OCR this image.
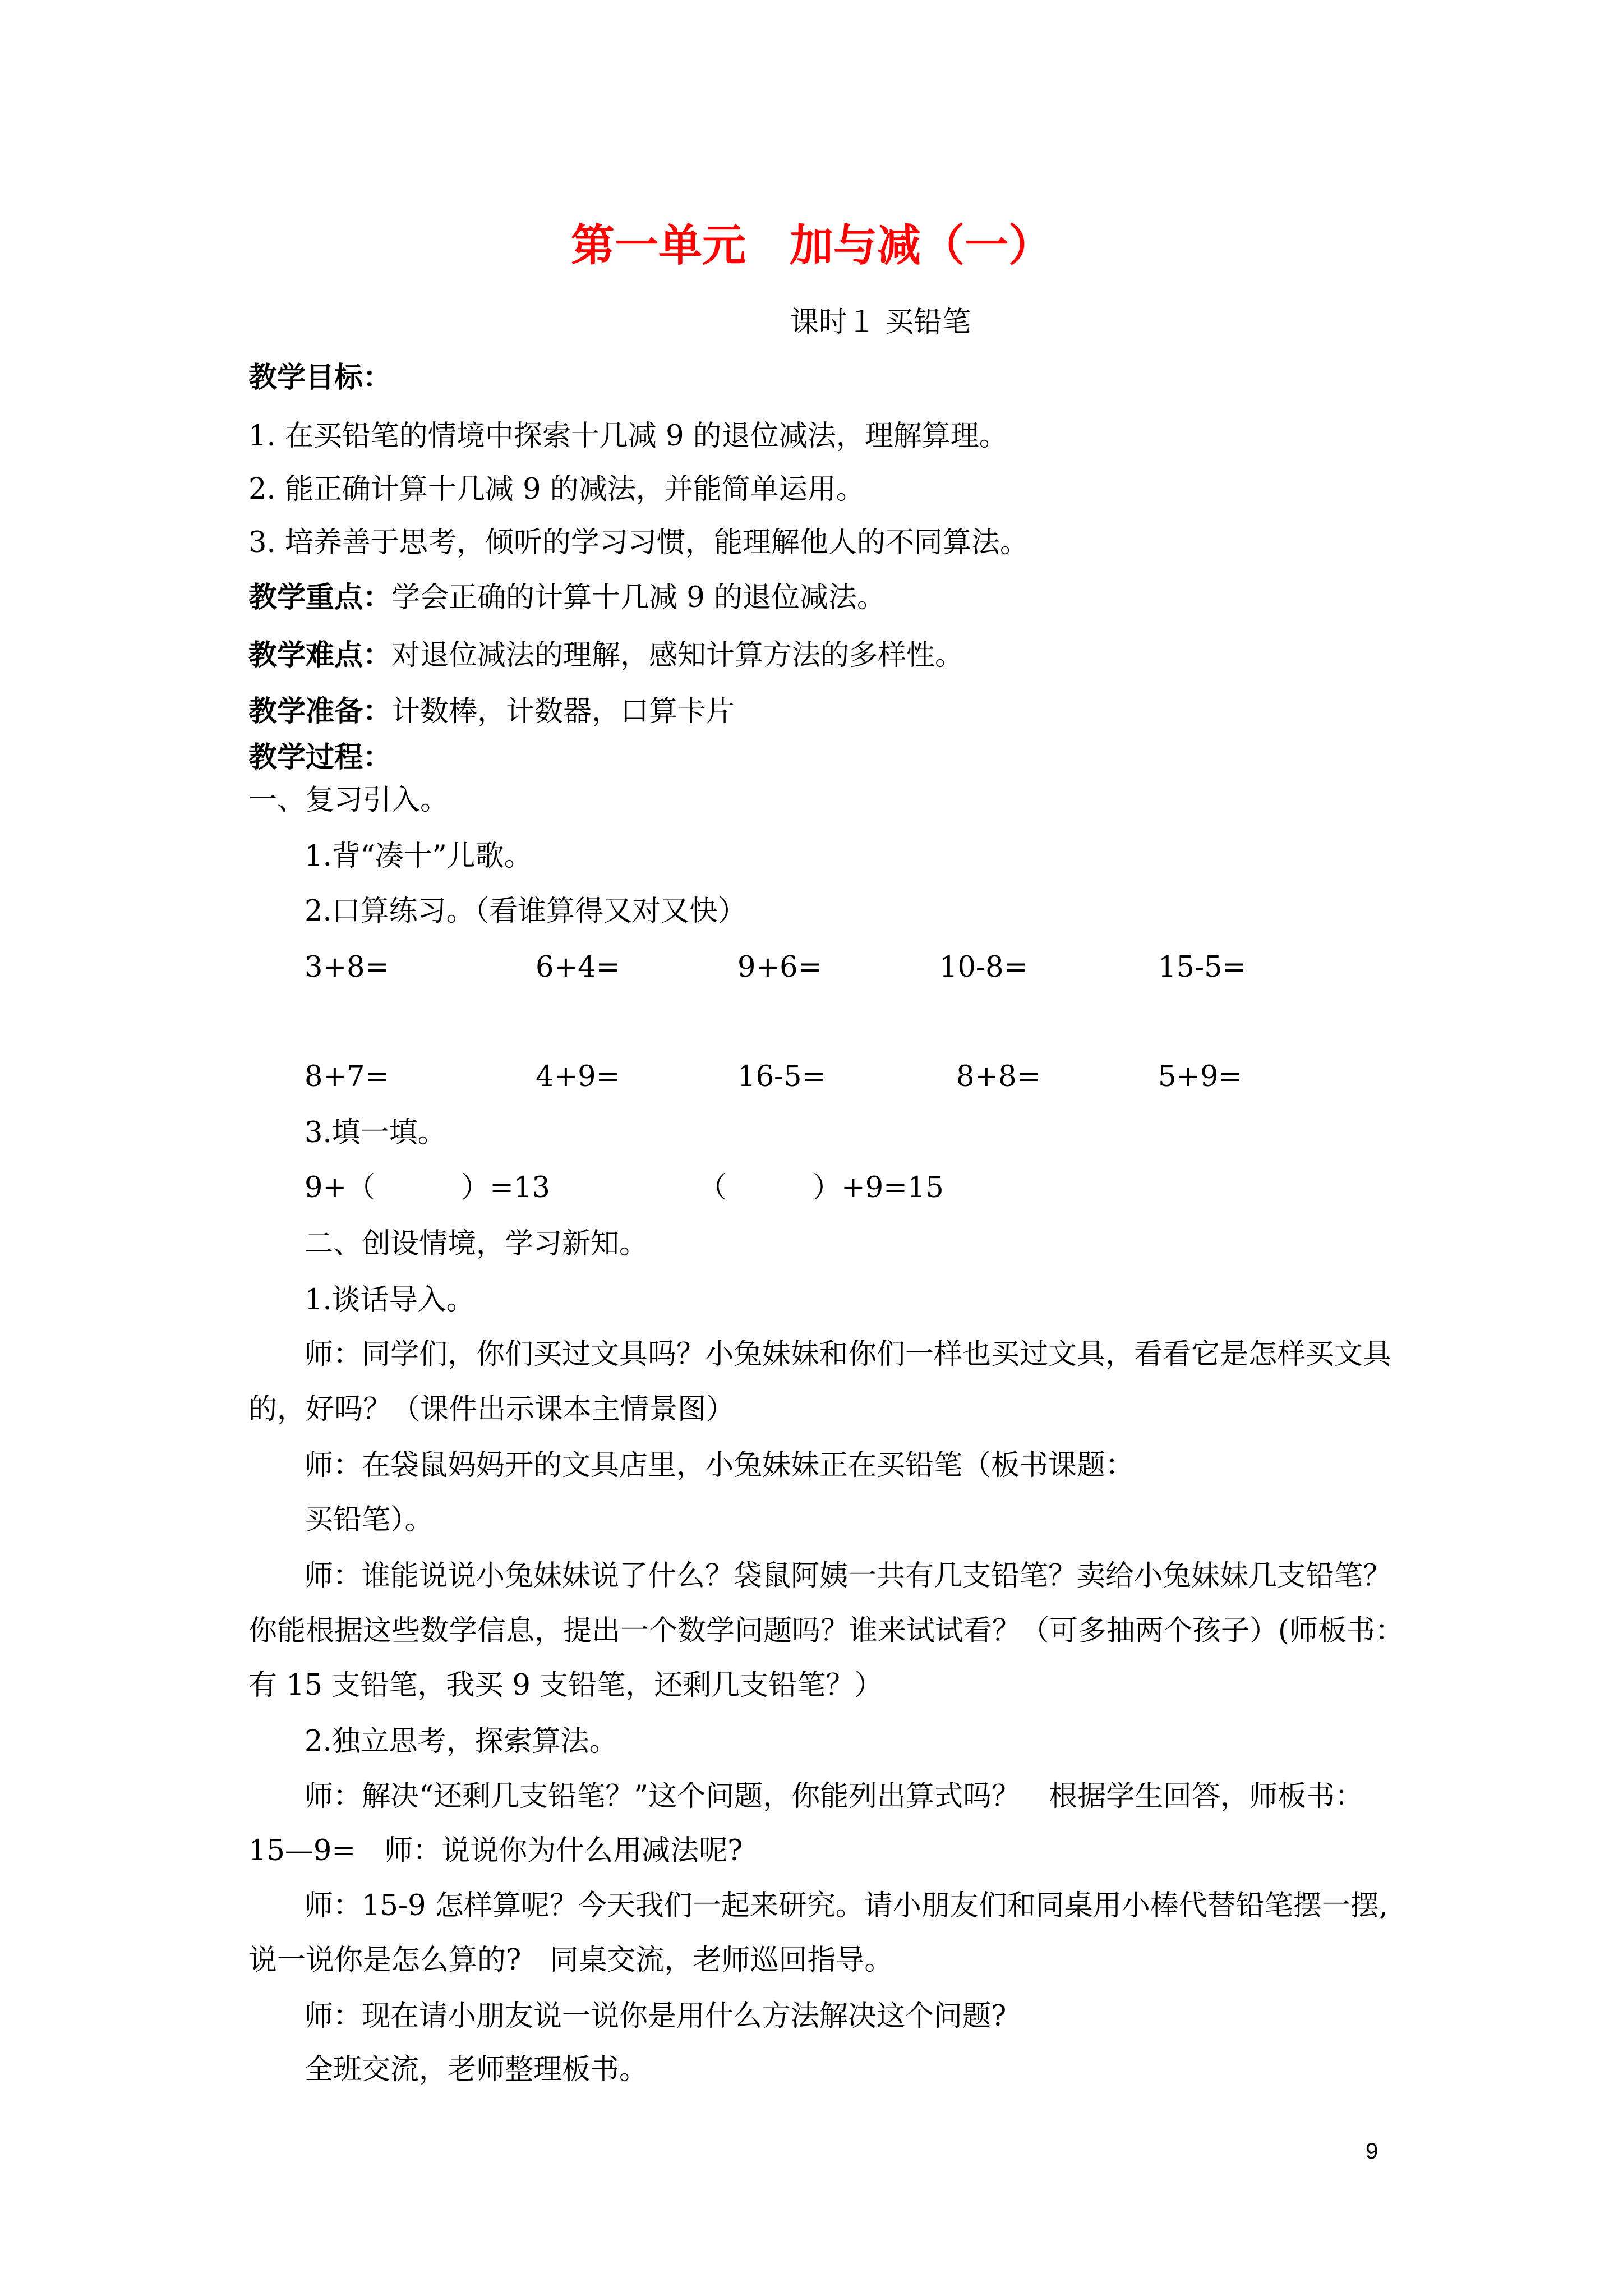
第一单元　加与减（一）
课时１ 买铅笔
教学目标：
1. 在买铅笔的情境中探索十几减 9 的退位减法，理解算理。
2. 能正确计算十几减 9 的减法，并能简单运用。
3. 培养善于思考，倾听的学习习惯，能理解他人的不同算法。
教学重点：学会正确的计算十几减 9 的退位减法。
教学难点：对退位减法的理解，感知计算方法的多样性。
教学准备：计数棒，计数器，口算卡片
教学过程：
一、复习引入。
1.背“凑十”儿歌。
2.口算练习。（看谁算得又对又快）
3+8=	6+4=	9+6=	10-8=	15-5=
8+7=	4+9=	16-5=	8+8=	5+9=
3.填一填。
9+（　　　）=13	（　　　）+9=15
二、创设情境，学习新知。
1.谈话导入。
师：同学们，你们买过文具吗？小兔妹妹和你们一样也买过文具，看看它是怎样买文具
的，好吗？（课件出示课本主情景图）
师：在袋鼠妈妈开的文具店里，小兔妹妹正在买铅笔（板书课题：
买铅笔）。
师：谁能说说小兔妹妹说了什么？袋鼠阿姨一共有几支铅笔？卖给小兔妹妹几支铅笔？
你能根据这些数学信息，提出一个数学问题吗？谁来试试看？（可多抽两个孩子）(师板书：
有 15 支铅笔，我买 9 支铅笔，还剩几支铅笔？）
2.独立思考，探索算法。
师：解决“还剩几支铅笔？”这个问题，你能列出算式吗？　根据学生回答，师板书：
15—9=　师：说说你为什么用减法呢?
师：15-9 怎样算呢？今天我们一起来研究。请小朋友们和同桌用小棒代替铅笔摆一摆,
说一说你是怎么算的?　同桌交流，老师巡回指导。
师：现在请小朋友说一说你是用什么方法解决这个问题?
全班交流，老师整理板书。
9
